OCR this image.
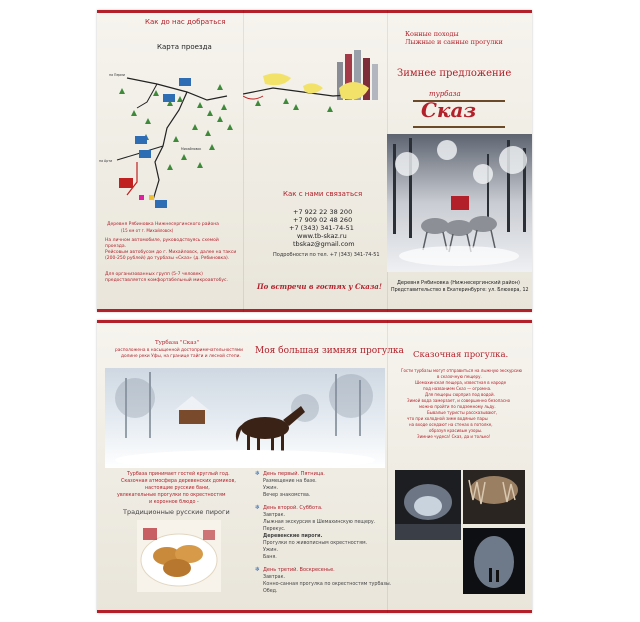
Как до нас добраться
Карта проезда
на Перми
на Арти
Михайловск
Деревня Рябиновка Нижнесергинского района
(15 км от г. Михайловск)
На личном автомобиле, руководствуясь схемой проезда.
Рейсовым автобусом до г. Михайловск, далее на такси (200-250 рублей) до турбазы «Сказ» (д. Рябиновка).
Для организованных групп (5-7 человек) предоставляется комфортабельный микроавтобус.
Как с нами связаться
+7 922 22 38 200
+7 909 02 48 260
+7 (343) 341-74-51
www.tb-skaz.ru
tbskaz@gmail.com
Подробности по тел. +7 (343) 341-74-51
По встречи в гостях у Сказа!
Конные походы
Лыжные и санные прогулки
Зимнее предложение
турбаза
Сказ
Деревня Рябиновка (Нижнесергинский район)
Представительство в Екатеринбурге: ул. Блюхера, 12
Турбаза "Сказ"
расположена в насыщенной достопримечательностями
долине реки Уфы, на границе тайги и лесной степи.
Моя большая зимняя прогулка
Турбаза принимает гостей круглый год.
Сказочная атмосфера деревенских домиков,
настоящие русские бани,
увлекательные прогулки по окрестностям
и коронное блюдо -
Традиционные русские пироги
❄ День первый. Пятница.
Размещение на базе.
Ужин.
Вечер знакомства.
❄ День второй. Суббота.
Завтрак.
Лыжная экскурсия в Шемахинскую пещеру.
Перекус.
Деревенские пироги.
Прогулки по живописным окрестностям.
Ужин.
Баня.
❄ День третий. Воскресенье.
Завтрак.
Конно-санная прогулка по окрестностям турбазы.
Обед.
Сказочная прогулка.
Гости турбазы могут отправиться на лыжную экскурсию
в сказочную пещеру.
Шемахинская пещера, известная в народе
под названием Сказ — огромна.
Для пещеры сюрприз под водой.
Зимой вода замерзает, и совершенно безопасно
можно пройти по подземному льду.
Бывалые туристы рассказывают,
что при холодной зиме водяные пары
на входе оседают на стенах в потолке,
образуя красивые узоры.
Зимние чудеса! Сказ, да и только!
